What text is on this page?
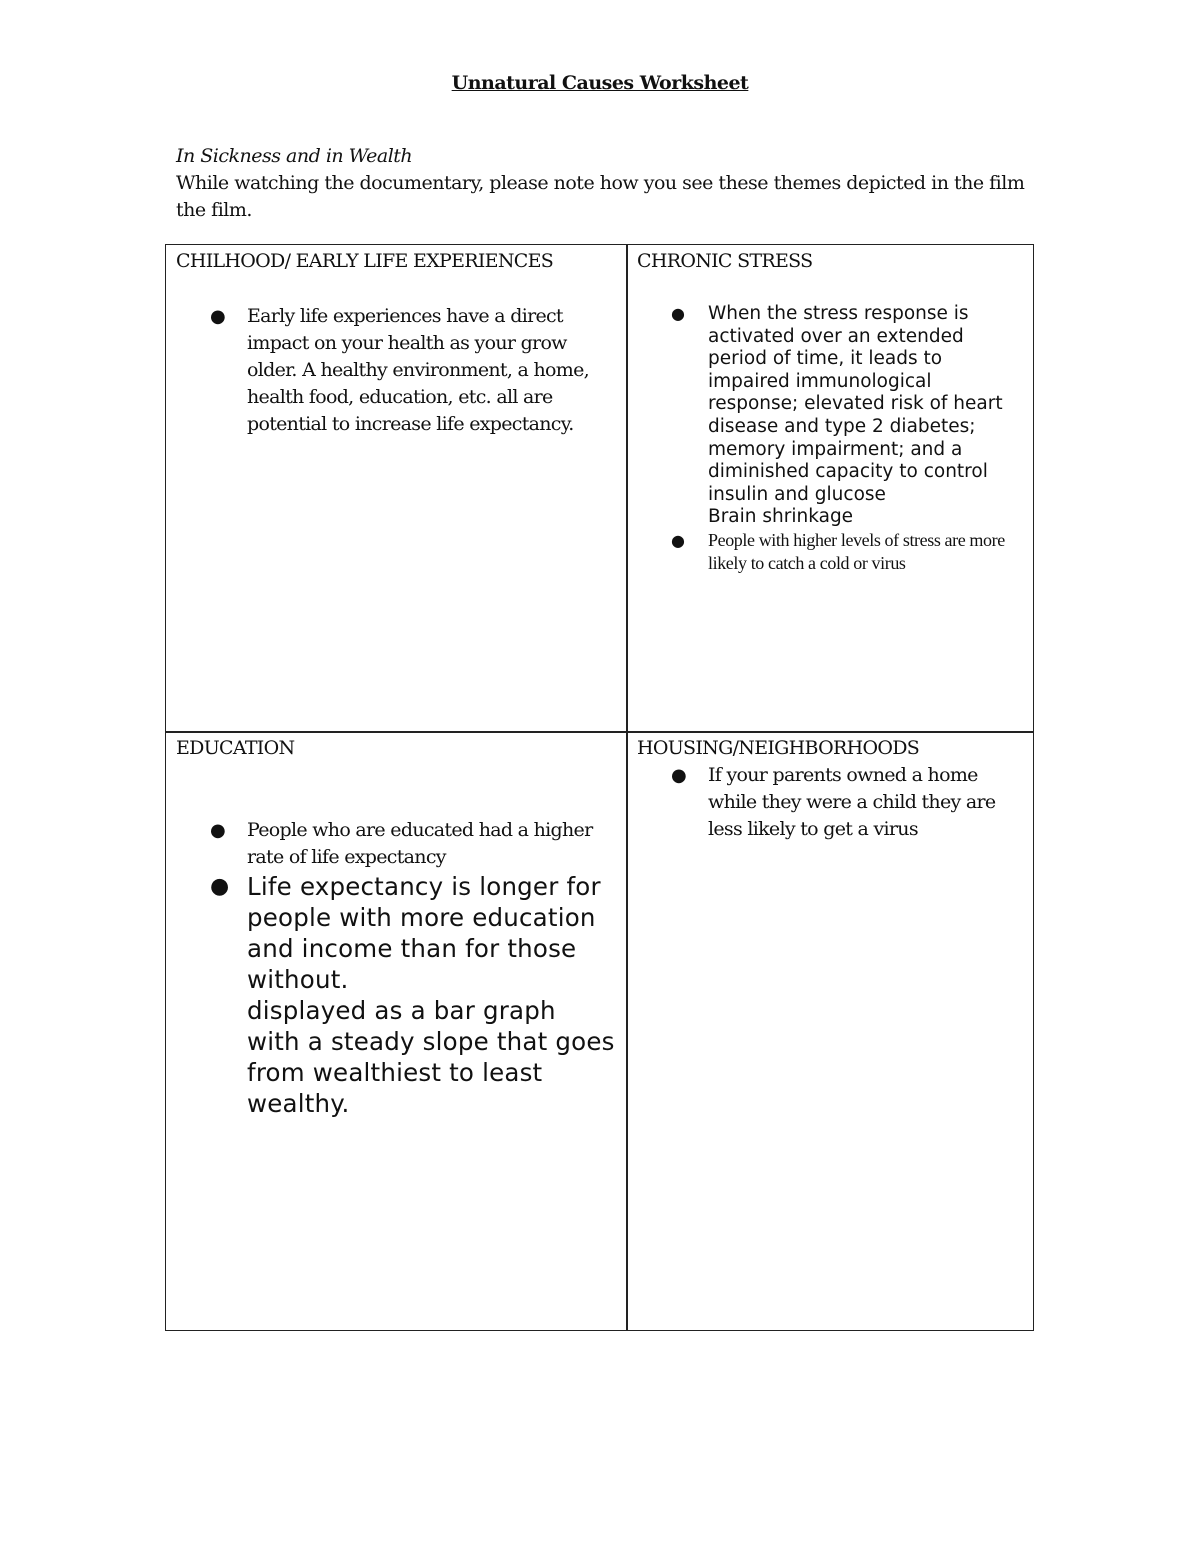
Unnatural Causes Worksheet
In Sickness and in Wealth
While watching the documentary, please note how you see these themes depicted in the film the film.
CHILHOOD/ EARLY LIFE EXPERIENCES
● Early life experiences have a direct impact on your health as your grow older. A healthy environment, a home, health food, education, etc. all are potential to increase life expectancy.
CHRONIC STRESS
● When the stress response is activated over an extended period of time, it leads to impaired immunological response; elevated risk of heart disease and type 2 diabetes; memory impairment; and a diminished capacity to control insulin and glucose
Brain shrinkage
● People with higher levels of stress are more likely to catch a cold or virus
EDUCATION
● People who are educated had a higher rate of life expectancy
● Life expectancy is longer for people with more education and income than for those without.
displayed as a bar graph with a steady slope that goes from wealthiest to least wealthy.
HOUSING/NEIGHBORHOODS
● If your parents owned a home while they were a child they are less likely to get a virus
